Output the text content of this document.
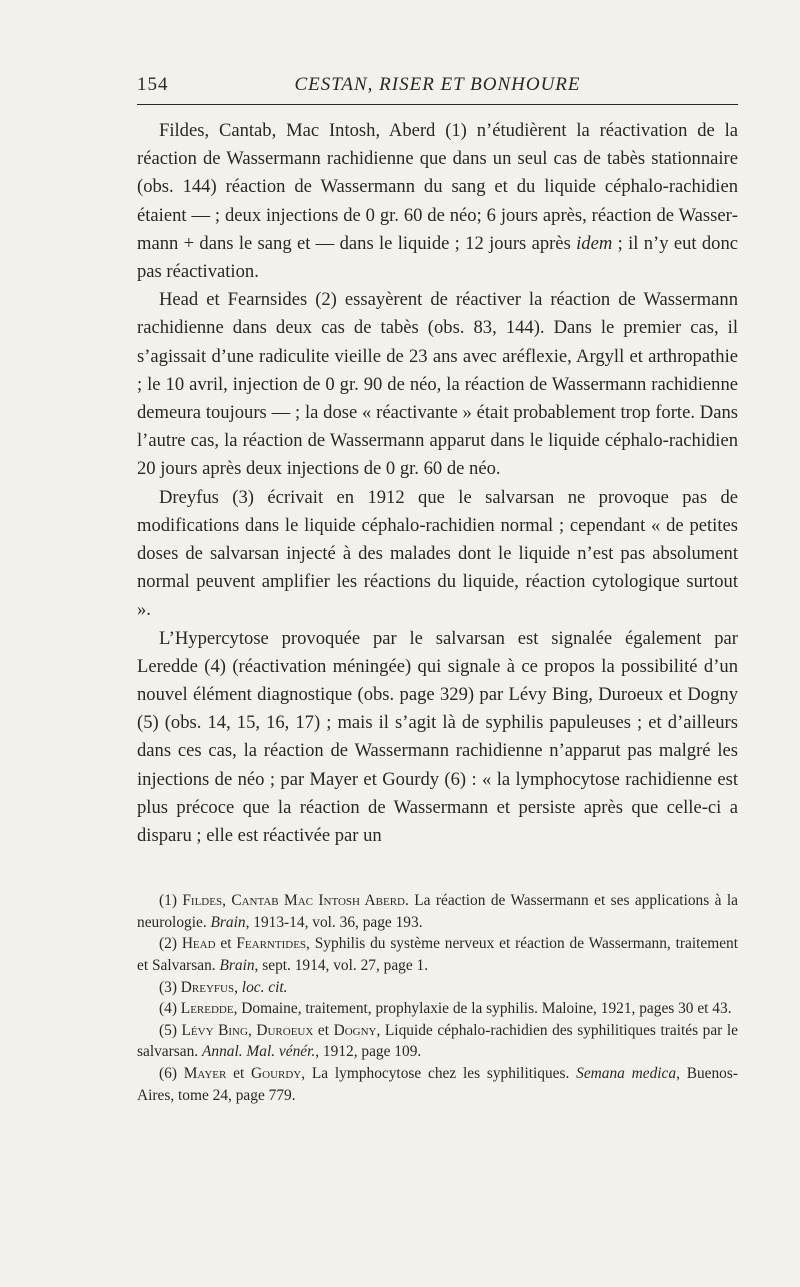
154	CESTAN, RISER ET BONHOURE

Fildes, Cantab, Mac Intosh, Aberd (1) n’étudièrent la réactivation de la réaction de Wassermann rachidienne que dans un seul cas de tabès stationnaire (obs. 144) réaction de Wassermann du sang et du liquide céphalo-rachidien étaient — ; deux injections de 0 gr. 60 de néo; 6 jours après, réaction de Wassermann + dans le sang et — dans le liquide ; 12 jours après idem ; il n’y eut donc pas réactivation.

Head et Fearnsides (2) essayèrent de réactiver la réaction de Wassermann rachidienne dans deux cas de tabès (obs. 83, 144). Dans le premier cas, il s’agissait d’une radiculite vieille de 23 ans avec aréflexie, Argyll et arthropathie ; le 10 avril, injection de 0 gr. 90 de néo, la réaction de Wassermann rachidienne demeura toujours — ; la dose « réactivante » était probablement trop forte. Dans l’autre cas, la réaction de Wassermann apparut dans le liquide céphalo-rachidien 20 jours après deux injections de 0 gr. 60 de néo.

Dreyfus (3) écrivait en 1912 que le salvarsan ne provoque pas de modifications dans le liquide céphalo-rachidien normal ; cependant « de petites doses de salvarsan injecté à des malades dont le liquide n’est pas absolument normal peuvent amplifier les réactions du liquide, réaction cytologique surtout ».

L’Hypercytose provoquée par le salvarsan est signalée également par Leredde (4) (réactivation méningée) qui signale à ce propos la possibilité d’un nouvel élément diagnostique (obs. page 329) par Lévy Bing, Duroeux et Dogny (5) (obs. 14, 15, 16, 17) ; mais il s’agit là de syphilis papuleuses ; et d’ailleurs dans ces cas, la réaction de Wassermann rachidienne n’apparut pas malgré les injections de néo ; par Mayer et Gourdy (6) : « la lymphocytose rachidienne est plus précoce que la réaction de Wassermann et persiste après que celle-ci a disparu ; elle est réactivée par un

(1) Fildes, Cantab Mac Intosh Aberd. La réaction de Wassermann et ses applications à la neurologie. Brain, 1913-14, vol. 36, page 193.

(2) Head et Fearntides, Syphilis du système nerveux et réaction de Wassermann, traitement et Salvarsan. Brain, sept. 1914, vol. 27, page 1.

(3) Dreyfus, loc. cit.

(4) Leredde, Domaine, traitement, prophylaxie de la syphilis. Maloine, 1921, pages 30 et 43.

(5) Lévy Bing, Duroeux et Dogny, Liquide céphalo-rachidien des syphilitiques traités par le salvarsan. Annal. Mal. vénér., 1912, page 109.

(6) Mayer et Gourdy, La lymphocytose chez les syphilitiques. Semana medica, Buenos-Aires, tome 24, page 779.
